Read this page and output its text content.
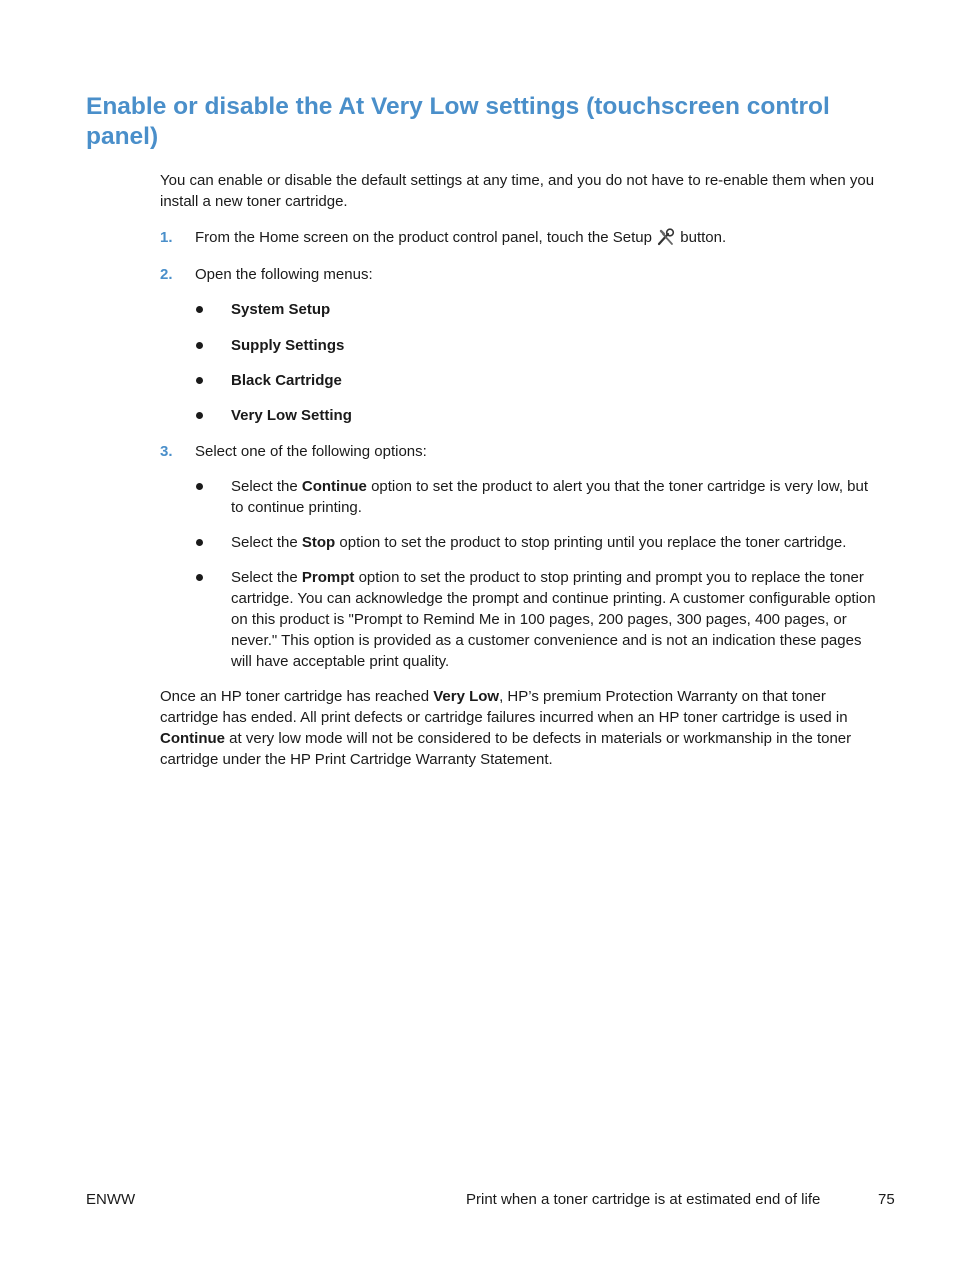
Enable or disable the At Very Low settings (touchscreen control panel)

You can enable or disable the default settings at any time, and you do not have to re-enable them when you install a new toner cartridge.

1. From the Home screen on the product control panel, touch the Setup button.
2. Open the following menus:
System Setup
Supply Settings
Black Cartridge
Very Low Setting
3. Select one of the following options:
Select the Continue option to set the product to alert you that the toner cartridge is very low, but to continue printing.
Select the Stop option to set the product to stop printing until you replace the toner cartridge.
Select the Prompt option to set the product to stop printing and prompt you to replace the toner cartridge. You can acknowledge the prompt and continue printing. A customer configurable option on this product is "Prompt to Remind Me in 100 pages, 200 pages, 300 pages, 400 pages, or never." This option is provided as a customer convenience and is not an indication these pages will have acceptable print quality.

Once an HP toner cartridge has reached Very Low, HP’s premium Protection Warranty on that toner cartridge has ended. All print defects or cartridge failures incurred when an HP toner cartridge is used in Continue at very low mode will not be considered to be defects in materials or workmanship in the toner cartridge under the HP Print Cartridge Warranty Statement.

ENWW	Print when a toner cartridge is at estimated end of life	75
